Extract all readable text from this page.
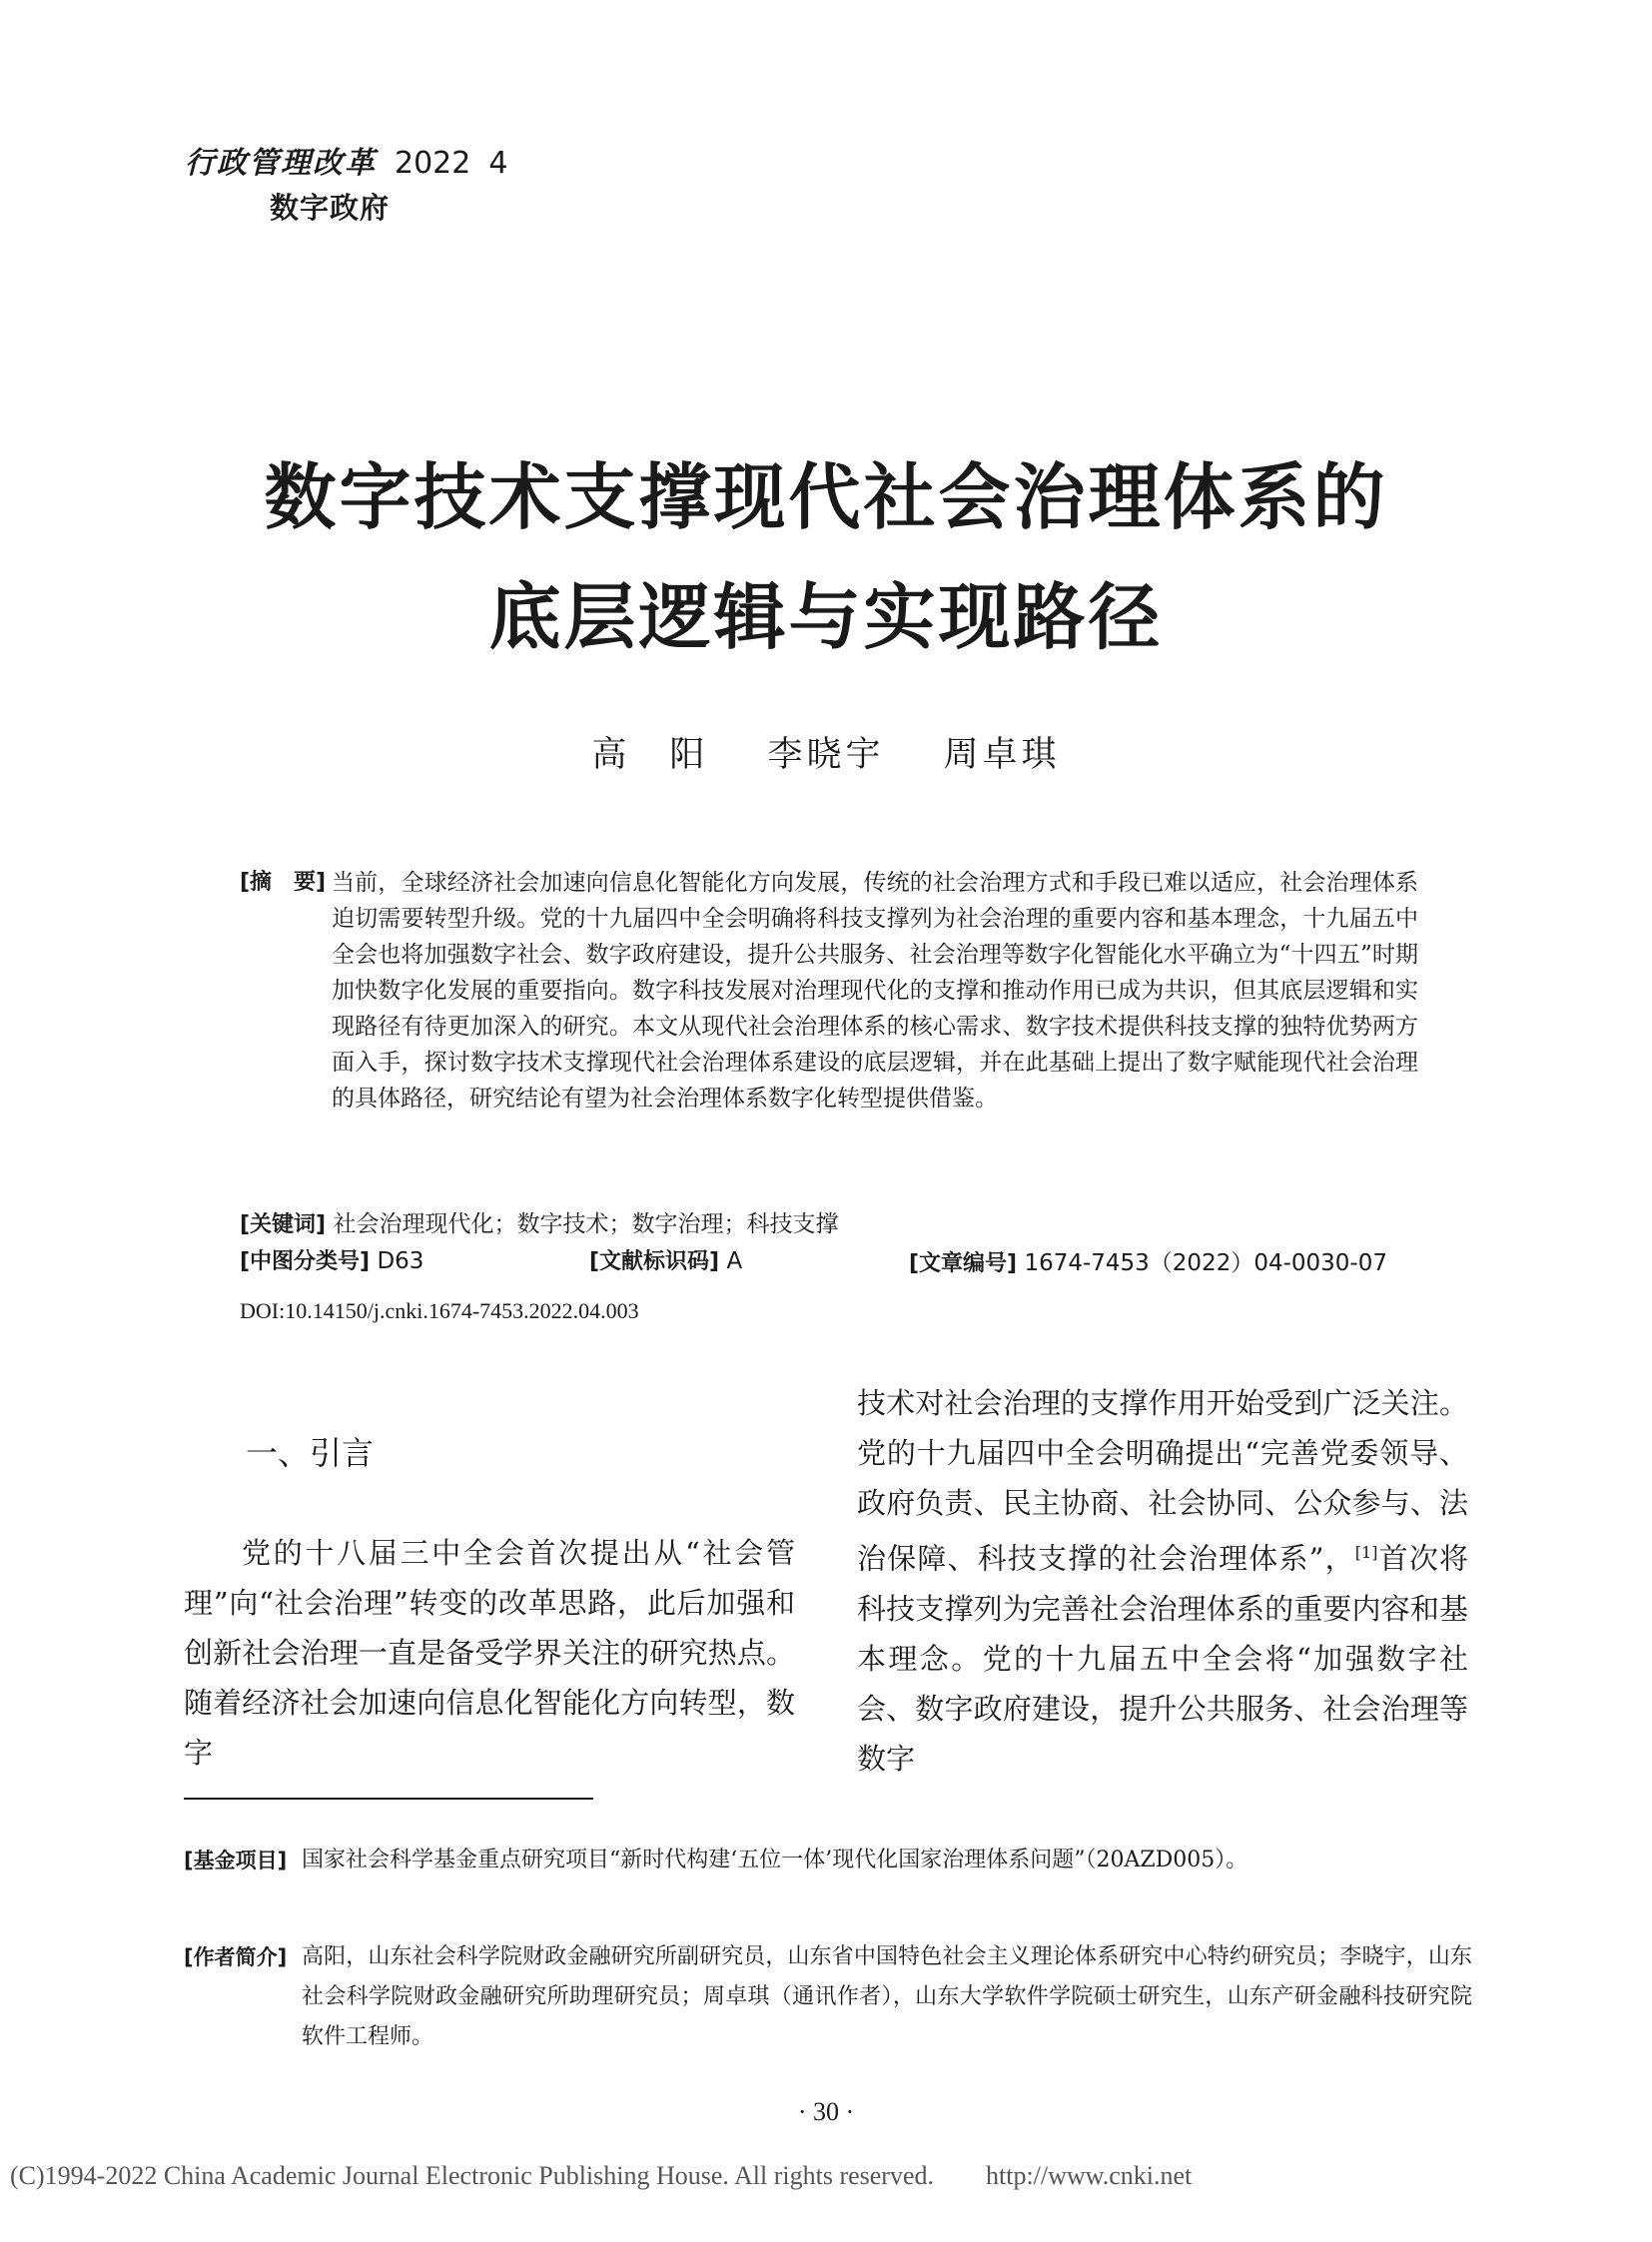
行政管理改革 2022 4
数字政府
数字技术支撑现代社会治理体系的
底层逻辑与实现路径
高　阳 李晓宇 周卓琪
[摘　要] 当前，全球经济社会加速向信息化智能化方向发展，传统的社会治理方式和手段已难以适应，社会治理体系迫切需要转型升级。党的十九届四中全会明确将科技支撑列为社会治理的重要内容和基本理念，十九届五中全会也将加强数字社会、数字政府建设，提升公共服务、社会治理等数字化智能化水平确立为“十四五”时期加快数字化发展的重要指向。数字科技发展对治理现代化的支撑和推动作用已成为共识，但其底层逻辑和实现路径有待更加深入的研究。本文从现代社会治理体系的核心需求、数字技术提供科技支撑的独特优势两方面入手，探讨数字技术支撑现代社会治理体系建设的底层逻辑，并在此基础上提出了数字赋能现代社会治理的具体路径，研究结论有望为社会治理体系数字化转型提供借鉴。
[关键词] 社会治理现代化；数字技术；数字治理；科技支撑
[中图分类号] D63	[文献标识码] A	[文章编号] 1674-7453（2022）04-0030-07
DOI:10.14150/j.cnki.1674-7453.2022.04.003
一、引言
党的十八届三中全会首次提出从“社会管理”向“社会治理”转变的改革思路，此后加强和创新社会治理一直是备受学界关注的研究热点。随着经济社会加速向信息化智能化方向转型，数字
技术对社会治理的支撑作用开始受到广泛关注。党的十九届四中全会明确提出“完善党委领导、政府负责、民主协商、社会协同、公众参与、法治保障、科技支撑的社会治理体系”，[1]首次将科技支撑列为完善社会治理体系的重要内容和基本理念。党的十九届五中全会将“加强数字社会、数字政府建设，提升公共服务、社会治理等数字
[基金项目] 国家社会科学基金重点研究项目“新时代构建‘五位一体’现代化国家治理体系问题”（20AZD005）。
[作者简介] 高阳，山东社会科学院财政金融研究所副研究员，山东省中国特色社会主义理论体系研究中心特约研究员；李晓宇，山东社会科学院财政金融研究所助理研究员；周卓琪（通讯作者），山东大学软件学院硕士研究生，山东产研金融科技研究院软件工程师。
· 30 ·
(C)1994-2022 China Academic Journal Electronic Publishing House. All rights reserved.　　http://www.cnki.net
